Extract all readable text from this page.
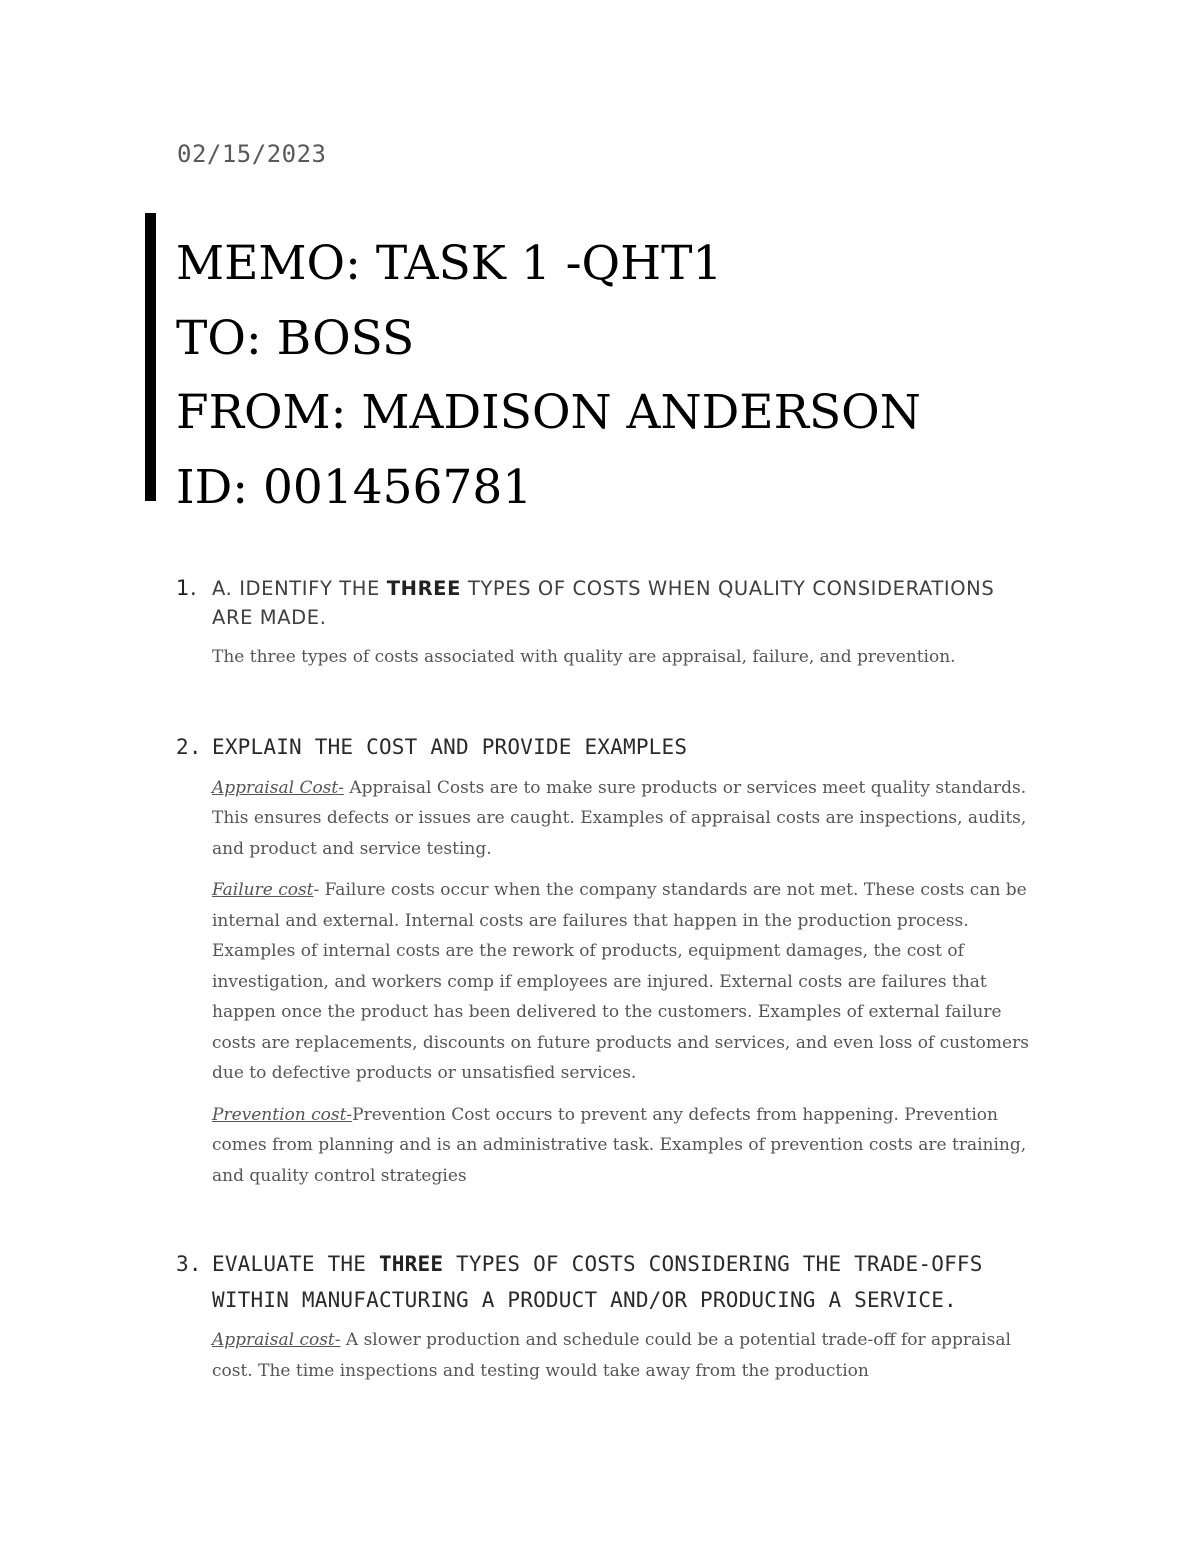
02/15/2023
MEMO: TASK 1 -QHT1
TO: BOSS
FROM: MADISON ANDERSON
ID: 001456781
1. A. IDENTIFY THE THREE TYPES OF COSTS WHEN QUALITY CONSIDERATIONS ARE MADE.

The three types of costs associated with quality are appraisal, failure, and prevention.

2. EXPLAIN THE COST AND PROVIDE EXAMPLES

Appraisal Cost- Appraisal Costs are to make sure products or services meet quality standards. This ensures defects or issues are caught. Examples of appraisal costs are inspections, audits, and product and service testing.

Failure cost- Failure costs occur when the company standards are not met. These costs can be internal and external. Internal costs are failures that happen in the production process. Examples of internal costs are the rework of products, equipment damages, the cost of investigation, and workers comp if employees are injured. External costs are failures that happen once the product has been delivered to the customers. Examples of external failure costs are replacements, discounts on future products and services, and even loss of customers due to defective products or unsatisfied services.

Prevention cost-Prevention Cost occurs to prevent any defects from happening. Prevention comes from planning and is an administrative task. Examples of prevention costs are training, and quality control strategies

3. EVALUATE THE THREE TYPES OF COSTS CONSIDERING THE TRADE-OFFS WITHIN MANUFACTURING A PRODUCT AND/OR PRODUCING A SERVICE.

Appraisal cost- A slower production and schedule could be a potential trade-off for appraisal cost. The time inspections and testing would take away from the production
